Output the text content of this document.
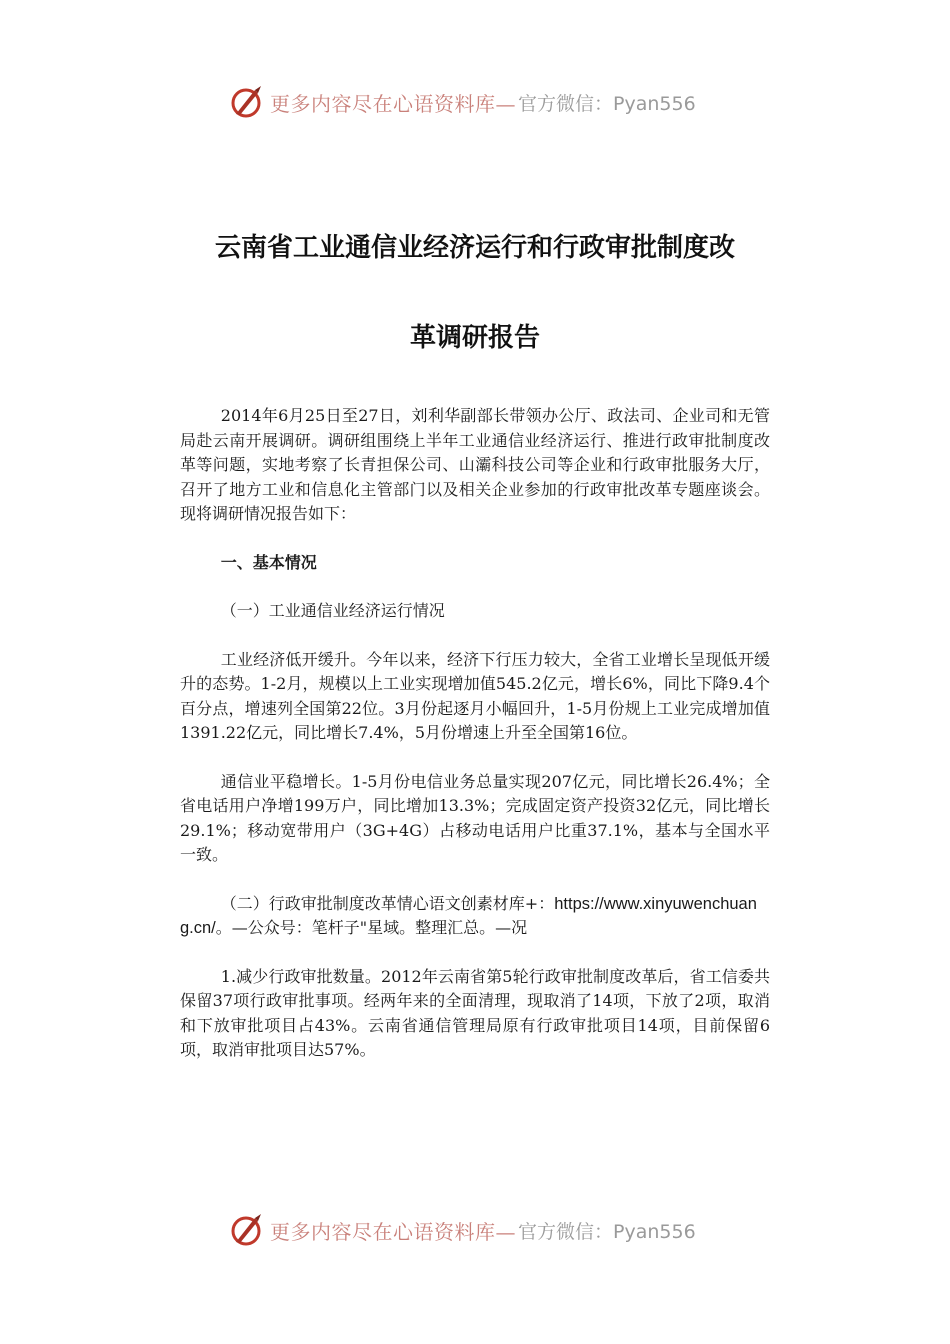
更多内容尽在心语资料库— 官方微信：Pyan556
云南省工业通信业经济运行和行政审批制度改
革调研报告

2014年6月25日至27日，刘利华副部长带领办公厅、政法司、企业司和无管局赴云南开展调研。调研组围绕上半年工业通信业经济运行、推进行政审批制度改革等问题，实地考察了长青担保公司、山灞科技公司等企业和行政审批服务大厅，召开了地方工业和信息化主管部门以及相关企业参加的行政审批改革专题座谈会。现将调研情况报告如下：

一、基本情况

（一）工业通信业经济运行情况

工业经济低开缓升。今年以来，经济下行压力较大，全省工业增长呈现低开缓升的态势。1-2月，规模以上工业实现增加值545.2亿元，增长6%，同比下降9.4个百分点，增速列全国第22位。3月份起逐月小幅回升，1-5月份规上工业完成增加值1391.22亿元，同比增长7.4%，5月份增速上升至全国第16位。

通信业平稳增长。1-5月份电信业务总量实现207亿元，同比增长26.4%；全省电话用户净增199万户，同比增加13.3%；完成固定资产投资32亿元，同比增长29.1%；移动宽带用户（3G+4G）占移动电话用户比重37.1%，基本与全国水平一致。

（二）行政审批制度改革情心语文创素材库+：https://www.xinyuwenchuang.cn/。—公众号：笔杆子"星域。整理汇总。—况

1.减少行政审批数量。2012年云南省第5轮行政审批制度改革后，省工信委共保留37项行政审批事项。经两年来的全面清理，现取消了14项，下放了2项，取消和下放审批项目占43%。云南省通信管理局原有行政审批项目14项，目前保留6项，取消审批项目达57%。

更多内容尽在心语资料库— 官方微信：Pyan556
